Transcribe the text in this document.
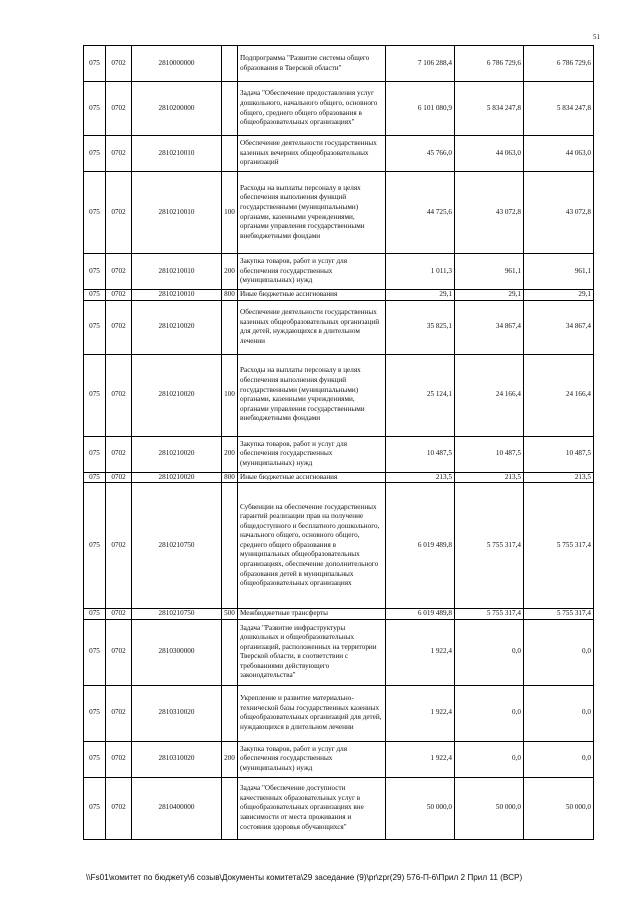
51
075	0702	2810000000		Подпрограмма "Развитие системы общего образования в Тверской области"	7 106 288,4	6 786 729,6	6 786 729,6
075	0702	2810200000		Задача "Обеспечение предоставления услуг дошкольного, начального общего, основного общего, среднего общего образования в общеобразовательных организациях"	6 101 080,9	5 834 247,8	5 834 247,8
075	0702	2810210010		Обеспечение деятельности государственных казенных вечерних общеобразовательных организаций	45 766,0	44 063,0	44 063,0
075	0702	2810210010	100	Расходы на выплаты персоналу в целях обеспечения выполнения функций государственными (муниципальными) органами, казенными учреждениями, органами управления государственными внебюджетными фондами	44 725,6	43 072,8	43 072,8
075	0702	2810210010	200	Закупка товаров, работ и услуг для обеспечения государственных (муниципальных) нужд	1 011,3	961,1	961,1
075	0702	2810210010	800	Иные бюджетные ассигнования	29,1	29,1	29,1
075	0702	2810210020		Обеспечение деятельности государственных казенных общеобразовательных организаций для детей, нуждающихся в длительном лечении	35 825,1	34 867,4	34 867,4
075	0702	2810210020	100	Расходы на выплаты персоналу в целях обеспечения выполнения функций государственными (муниципальными) органами, казенными учреждениями, органами управления государственными внебюджетными фондами	25 124,1	24 166,4	24 166,4
075	0702	2810210020	200	Закупка товаров, работ и услуг для обеспечения государственных (муниципальных) нужд	10 487,5	10 487,5	10 487,5
075	0702	2810210020	800	Иные бюджетные ассигнования	213,5	213,5	213,5
075	0702	2810210750		Субвенции на обеспечение государственных гарантий реализации прав на получение общедоступного и бесплатного дошкольного, начального общего, основного общего, среднего общего образования в муниципальных общеобразовательных организациях, обеспечение дополнительного образования детей в муниципальных общеобразовательных организациях	6 019 489,8	5 755 317,4	5 755 317,4
075	0702	2810210750	500	Межбюджетные трансферты	6 019 489,8	5 755 317,4	5 755 317,4
075	0702	2810300000		Задача "Развитие инфраструктуры дошкольных и общеобразовательных организаций, расположенных на территории Тверской области, в соответствии с требованиями действующего законодательства"	1 922,4	0,0	0,0
075	0702	2810310020		Укрепление и развитие материально-технической базы государственных казенных общеобразовательных организаций для детей, нуждающихся в длительном лечении	1 922,4	0,0	0,0
075	0702	2810310020	200	Закупка товаров, работ и услуг для обеспечения государственных (муниципальных) нужд	1 922,4	0,0	0,0
075	0702	2810400000		Задача "Обеспечение доступности качественных образовательных услуг в общеобразовательных организациях вне зависимости от места проживания и состояния здоровья обучающихся"	50 000,0	50 000,0	50 000,0
\\Fs01\комитет по бюджету\6 созыв\Документы комитета\29 заседание (9)\pr\zpr(29) 576-П-6\Прил 2 Прил 11 (ВСР)
